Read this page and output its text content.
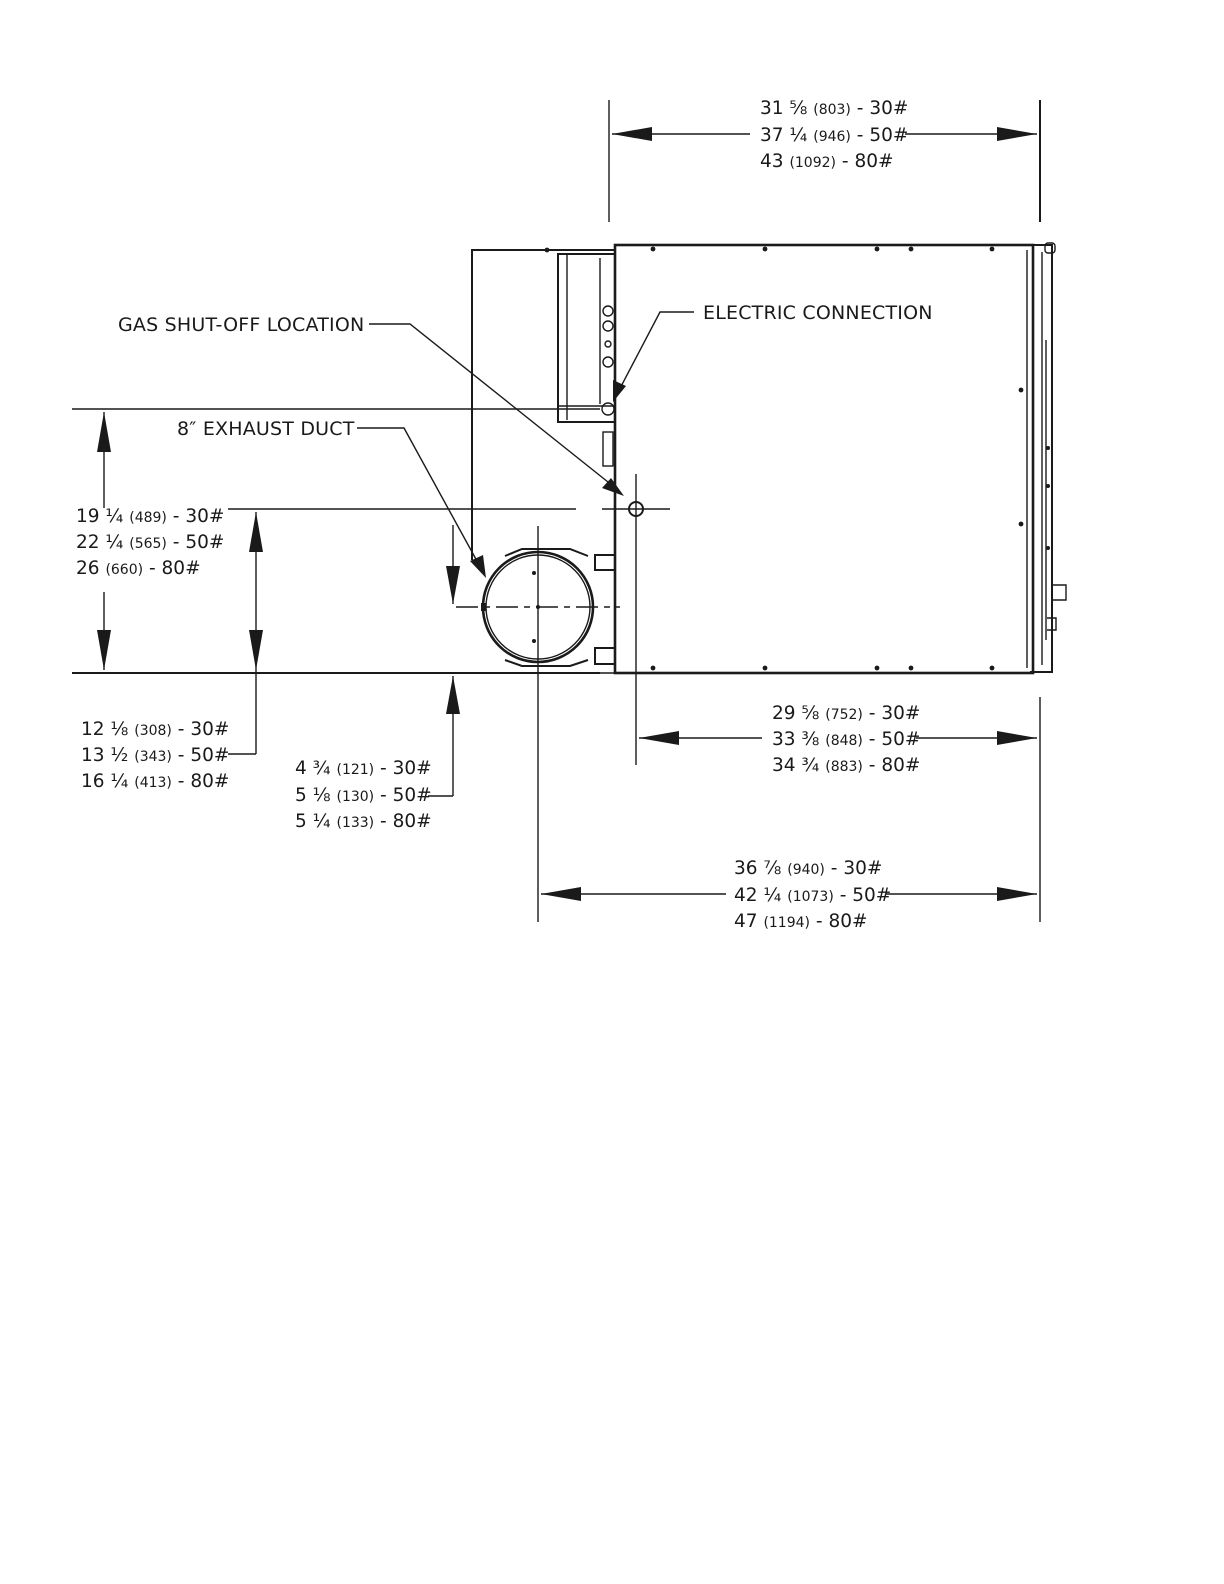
GAS SHUT-OFF LOCATION
ELECTRIC CONNECTION
8″ EXHAUST DUCT
31 ⅝ (803) - 30#
37 ¼ (946) - 50#
43 (1092) - 80#
19 ¼ (489) - 30#
22 ¼ (565) - 50#
26 (660) - 80#
12 ⅛ (308) - 30#
13 ½ (343) - 50#
16 ¼ (413) - 80#
4 ¾ (121) - 30#
5 ⅛ (130) - 50#
5 ¼ (133) - 80#
29 ⅝ (752) - 30#
33 ⅜ (848) - 50#
34 ¾ (883) - 80#
36 ⅞ (940) - 30#
42 ¼ (1073) - 50#
47 (1194) - 80#
